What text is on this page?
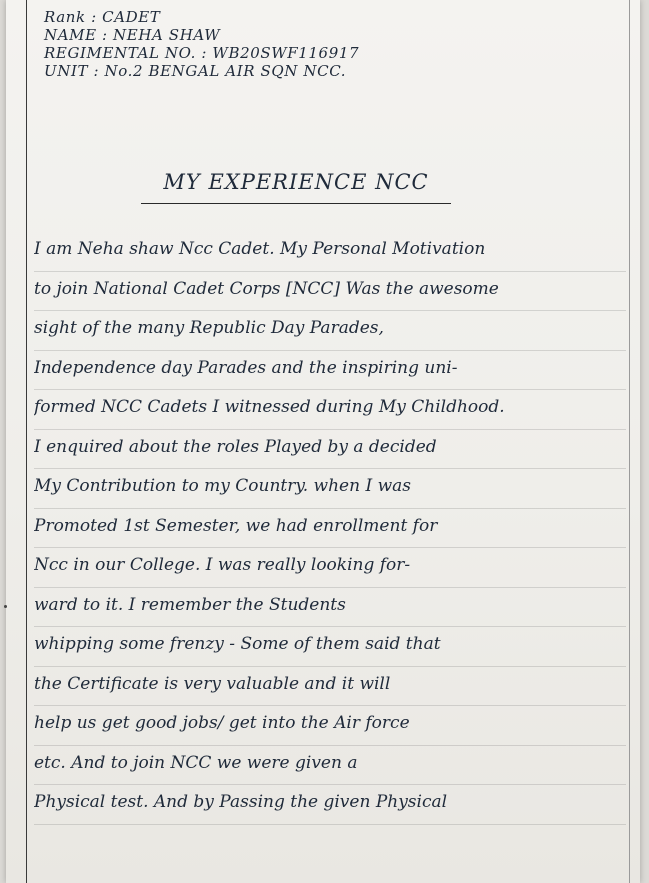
Rank : CADET
NAME : NEHA SHAW
REGIMENTAL NO. : WB20SWF116917
UNIT : No.2 BENGAL AIR SQN NCC.
MY EXPERIENCE NCC
I am Neha shaw Ncc Cadet. My Personal Motivation
to join National Cadet Corps [NCC] Was the awesome
sight of the many Republic Day Parades,
Independence day Parades and the inspiring uni-
formed NCC Cadets I witnessed during My Childhood.
I enquired about the roles Played by a decided
My Contribution to my Country. when I was
Promoted 1st Semester, we had enrollment for
Ncc in our College. I was really looking for-
ward to it. I remember the Students
whipping some frenzy - Some of them said that
the Certificate is very valuable and it will
help us get good jobs/ get into the Air force
etc. And to join NCC we were given a
Physical test. And by Passing the given Physical
